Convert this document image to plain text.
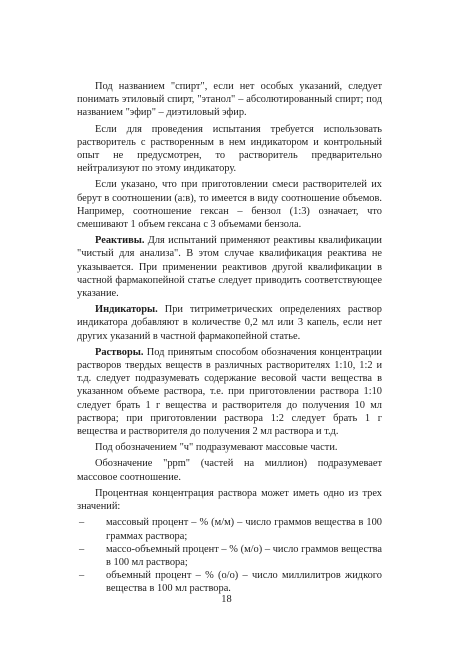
Под названием "спирт", если нет особых указаний, следует понимать этиловый спирт, "этанол" – абсолютированный спирт; под названием "эфир" – диэтиловый эфир.

Если для проведения испытания требуется использовать растворитель с растворенным в нем индикатором и контрольный опыт не предусмотрен, то растворитель предварительно нейтрализуют по этому индикатору.

Если указано, что при приготовлении смеси растворителей их берут в соотношении (а:в), то имеется в виду соотношение объемов. Например, соотношение гексан – бензол (1:3) означает, что смешивают 1 объем гексана с 3 объемами бензола.

Реактивы. Для испытаний применяют реактивы квалификации "чистый для анализа". В этом случае квалификация реактива не указывается. При применении реактивов другой квалификации в частной фармакопейной статье следует приводить соответствующее указание.

Индикаторы. При титриметрических определениях раствор индикатора добавляют в количестве 0,2 мл или 3 капель, если нет других указаний в частной фармакопейной статье.

Растворы. Под принятым способом обозначения концентрации растворов твердых веществ в различных растворителях 1:10, 1:2 и т.д. следует подразумевать содержание весовой части вещества в указанном объеме раствора, т.е. при приготовлении раствора 1:10 следует брать 1 г вещества и растворителя до получения 10 мл раствора; при приготовлении раствора 1:2 следует брать 1 г вещества и растворителя до получения 2 мл раствора и т.д.

Под обозначением "ч" подразумевают массовые части.

Обозначение "ppm" (частей на миллион) подразумевает массовое соотношение.

Процентная концентрация раствора может иметь одно из трех значений:

– массовый процент – % (м/м) – число граммов вещества в 100 граммах раствора;
– массо-объемный процент – % (м/о) – число граммов вещества в 100 мл раствора;
– объемный процент – % (о/о) – число миллилитров жидкого вещества в 100 мл раствора.
18
